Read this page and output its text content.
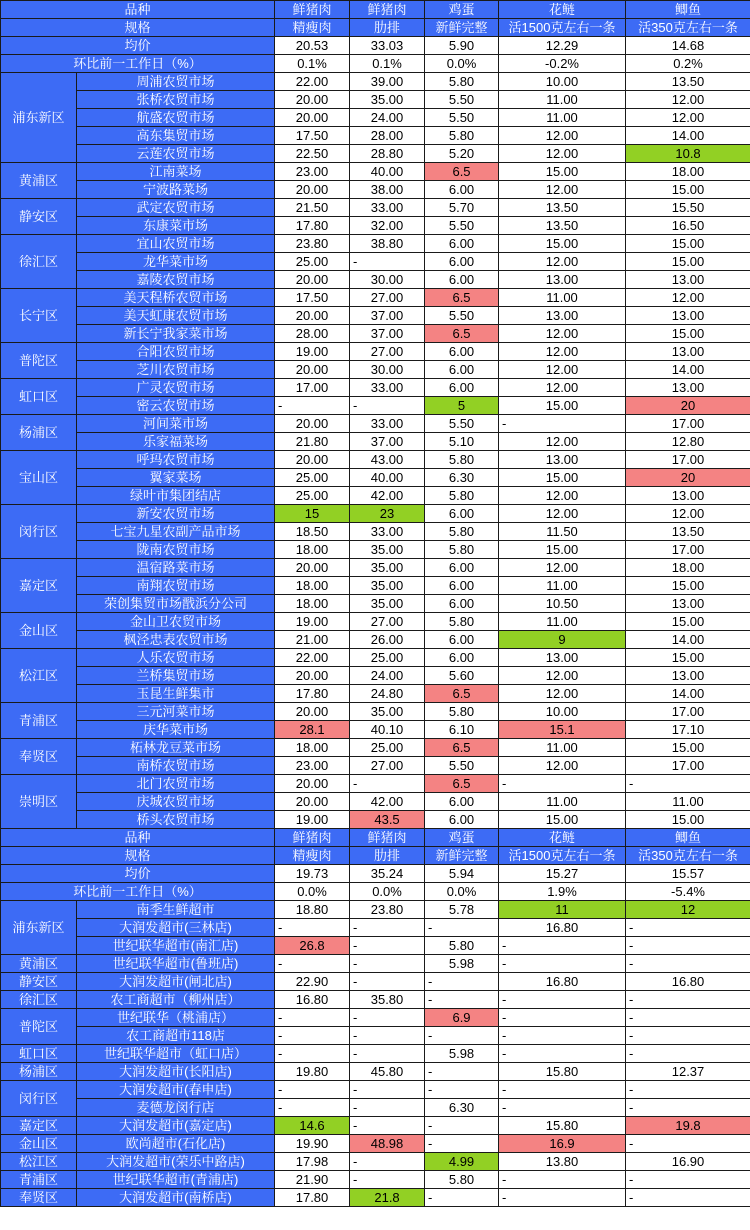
品种		鲜猪肉	鲜猪肉	鸡蛋	花鲢	鲫鱼
规格		精瘦肉	肋排	新鲜完整	活1500克左右一条	活350克左右一条
均价		20.53	33.03	5.90	12.29	14.68
环比前一工作日（%）		0.1%	0.1%	0.0%	-0.2%	0.2%
浦东新区	周浦农贸市场	22.00	39.00	5.80	10.00	13.50
	张桥农贸市场	20.00	35.00	5.50	11.00	12.00
	航盛农贸市场	20.00	24.00	5.50	11.00	12.00
	高东集贸市场	17.50	28.00	5.80	12.00	14.00
	云莲农贸市场	22.50	28.80	5.20	12.00	10.8
黄浦区	江南菜场	23.00	40.00	6.5	15.00	18.00
	宁波路菜场	20.00	38.00	6.00	12.00	15.00
静安区	武定农贸市场	21.50	33.00	5.70	13.50	15.50
	东康菜市场	17.80	32.00	5.50	13.50	16.50
徐汇区	宜山农贸市场	23.80	38.80	6.00	15.00	15.00
	龙华菜市场	25.00	-	6.00	12.00	15.00
	嘉陵农贸市场	20.00	30.00	6.00	13.00	13.00
长宁区	美天程桥农贸市场	17.50	27.00	6.5	11.00	12.00
	美天虹康农贸市场	20.00	37.00	5.50	13.00	13.00
	新长宁我家菜市场	28.00	37.00	6.5	12.00	15.00
普陀区	合阳农贸市场	19.00	27.00	6.00	12.00	13.00
	芝川农贸市场	20.00	30.00	6.00	12.00	14.00
虹口区	广灵农贸市场	17.00	33.00	6.00	12.00	13.00
	密云农贸市场	-	-	5	15.00	20
杨浦区	河间菜市场	20.00	33.00	5.50	-	17.00
	乐家福菜场	21.80	37.00	5.10	12.00	12.80
宝山区	呼玛农贸市场	20.00	43.00	5.80	13.00	17.00
	翼家菜场	25.00	40.00	6.30	15.00	20
	绿叶市集团结店	25.00	42.00	5.80	12.00	13.00
闵行区	新安农贸市场	15	23	6.00	12.00	12.00
	七宝九星农副产品市场	18.50	33.00	5.80	11.50	13.50
	陇南农贸市场	18.00	35.00	5.80	15.00	17.00
嘉定区	温宿路菜市场	20.00	35.00	6.00	12.00	18.00
	南翔农贸市场	18.00	35.00	6.00	11.00	15.00
	荣创集贸市场戬浜分公司	18.00	35.00	6.00	10.50	13.00
金山区	金山卫农贸市场	19.00	27.00	5.80	11.00	15.00
	枫泾忠表农贸市场	21.00	26.00	6.00	9	14.00
松江区	人乐农贸市场	22.00	25.00	6.00	13.00	15.00
	兰桥集贸市场	20.00	24.00	5.60	12.00	13.00
	玉昆生鲜集市	17.80	24.80	6.5	12.00	14.00
青浦区	三元河菜市场	20.00	35.00	5.80	10.00	17.00
	庆华菜市场	28.1	40.10	6.10	15.1	17.10
奉贤区	柘林龙豆菜市场	18.00	25.00	6.5	11.00	15.00
	南桥农贸市场	23.00	27.00	5.50	12.00	17.00
崇明区	北门农贸市场	20.00	-	6.5	-	-
	庆城农贸市场	20.00	42.00	6.00	11.00	11.00
	桥头农贸市场	19.00	43.5	6.00	15.00	15.00
品种		鲜猪肉	鲜猪肉	鸡蛋	花鲢	鲫鱼
规格		精瘦肉	肋排	新鲜完整	活1500克左右一条	活350克左右一条
均价		19.73	35.24	5.94	15.27	15.57
环比前一工作日（%）		0.0%	0.0%	0.0%	1.9%	-5.4%
浦东新区	南季生鲜超市	18.80	23.80	5.78	11	12
	大润发超市(三林店)	-	-	-	16.80	-
	世纪联华超市(南汇店)	26.8	-	5.80	-	-
黄浦区	世纪联华超市(鲁班店)	-	-	5.98	-	-
静安区	大润发超市(闸北店)	22.90	-	-	16.80	16.80
徐汇区	农工商超市（柳州店）	16.80	35.80	-	-	-
普陀区	世纪联华（桃浦店）	-	-	6.9	-	-
	农工商超市118店	-	-	-	-	-
虹口区	世纪联华超市（虹口店）	-	-	5.98	-	-
杨浦区	大润发超市(长阳店)	19.80	45.80	-	15.80	12.37
闵行区	大润发超市(春申店)	-	-	-	-	-
	麦德龙闵行店	-	-	6.30	-	-
嘉定区	大润发超市(嘉定店)	14.6	-	-	15.80	19.8
金山区	欧尚超市(石化店)	19.90	48.98	-	16.9	-
松江区	大润发超市(荣乐中路店)	17.98	-	4.99	13.80	16.90
青浦区	世纪联华超市(青浦店)	21.90	-	5.80	-	-
奉贤区	大润发超市(南桥店)	17.80	21.8	-	-	-
